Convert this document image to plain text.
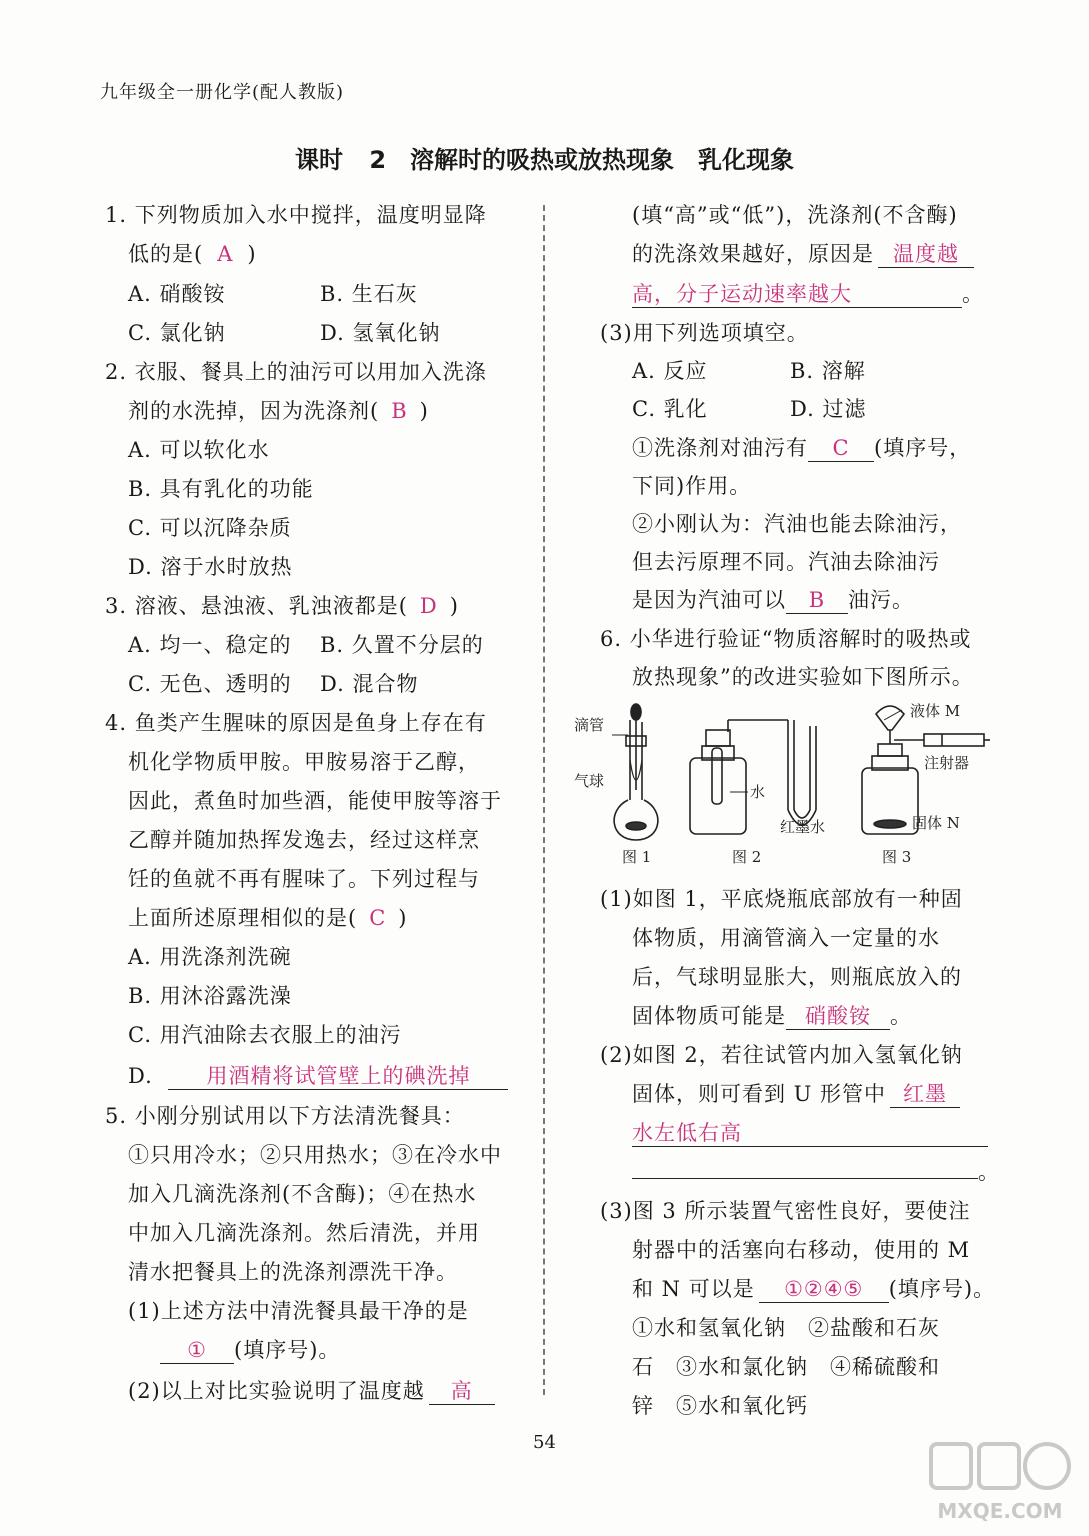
九年级全一册化学(配人教版)
课时 2　溶解时的吸热或放热现象　乳化现象
1. 下列物质加入水中搅拌，温度明显降
低的是( A )
A. 硝酸铵	B. 生石灰
C. 氯化钠	D. 氢氧化钠
2. 衣服、餐具上的油污可以用加入洗涤
剂的水洗掉，因为洗涤剂( B )
A. 可以软化水
B. 具有乳化的功能
C. 可以沉降杂质
D. 溶于水时放热
3. 溶液、悬浊液、乳浊液都是( D )
A. 均一、稳定的 B. 久置不分层的
C. 无色、透明的 D. 混合物
4. 鱼类产生腥味的原因是鱼身上存在有
机化学物质甲胺。甲胺易溶于乙醇，
因此，煮鱼时加些酒，能使甲胺等溶于
乙醇并随加热挥发逸去，经过这样烹
饪的鱼就不再有腥味了。下列过程与
上面所述原理相似的是( C )
A. 用洗涤剂洗碗
B. 用沐浴露洗澡
C. 用汽油除去衣服上的油污
D.	用酒精将试管壁上的碘洗掉
5. 小刚分别试用以下方法清洗餐具：
①只用冷水；②只用热水；③在冷水中
加入几滴洗涤剂(不含酶)；④在热水
中加入几滴洗涤剂。然后清洗，并用
清水把餐具上的洗涤剂漂洗干净。
(1)上述方法中清洗餐具最干净的是
① (填序号)。
(2)以上对比实验说明了温度越 高
(填“高”或“低”)，洗涤剂(不含酶)
的洗涤效果越好，原因是 温度越
高，分子运动速率越大	。
(3)用下列选项填空。
A. 反应	B. 溶解
C. 乳化	D. 过滤
①洗涤剂对油污有 C (填序号，
下同)作用。
②小刚认为：汽油也能去除油污，
但去污原理不同。汽油去除油污
是因为汽油可以 B 油污。
6. 小华进行验证“物质溶解时的吸热或
放热现象”的改进实验如下图所示。
滴管
气球
图 1
水
红墨水
图 2
液体 M
注射器
固体 N
图 3
(1)如图 1，平底烧瓶底部放有一种固
体物质，用滴管滴入一定量的水
后，气球明显胀大，则瓶底放入的
固体物质可能是 硝酸铵 。
(2)如图 2，若往试管内加入氢氧化钠
固体，则可看到 U 形管中 红墨
水左低右高
。
(3)图 3 所示装置气密性良好，要使注
射器中的活塞向右移动，使用的 M
和 N 可以是 ①②④⑤ (填序号)。
①水和氢氧化钠　②盐酸和石灰
石　③水和氯化钠　④稀硫酸和
锌　⑤水和氧化钙
54
MXQE.COM
